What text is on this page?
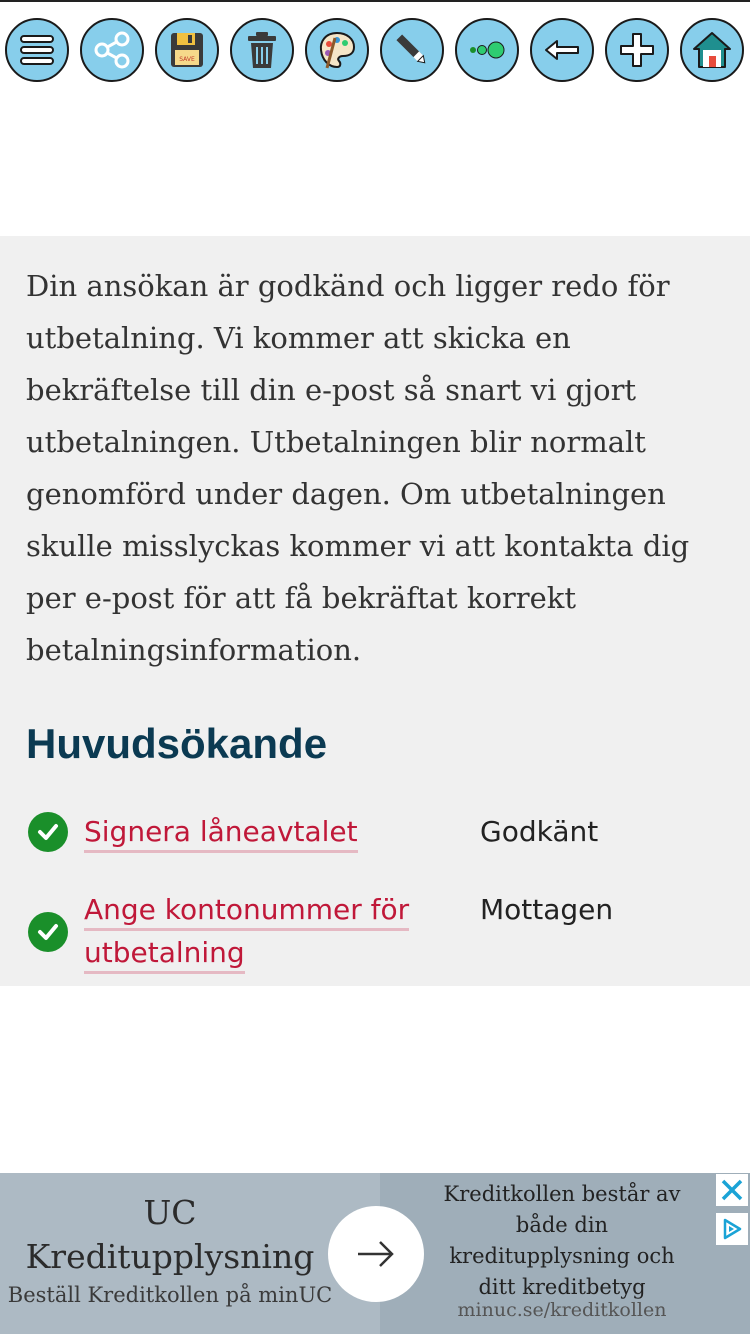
SAVE

Din ansökan är godkänd och ligger redo för utbetalning. Vi kommer att skicka en bekräftelse till din e-post så snart vi gjort utbetalningen. Utbetalningen blir normalt genomförd under dagen. Om utbetalningen skulle misslyckas kommer vi att kontakta dig per e-post för att få bekräftat korrekt betalningsinformation.

Huvudsökande
Signera låneavtalet	Godkänt
Ange kontonummer för utbetalning
Mottagen
UC Kreditupplysning
Beställ Kreditkollen på minUC
Kreditkollen består av både din kreditupplysning och ditt kreditbetyg
minuc.se/kreditkollen
